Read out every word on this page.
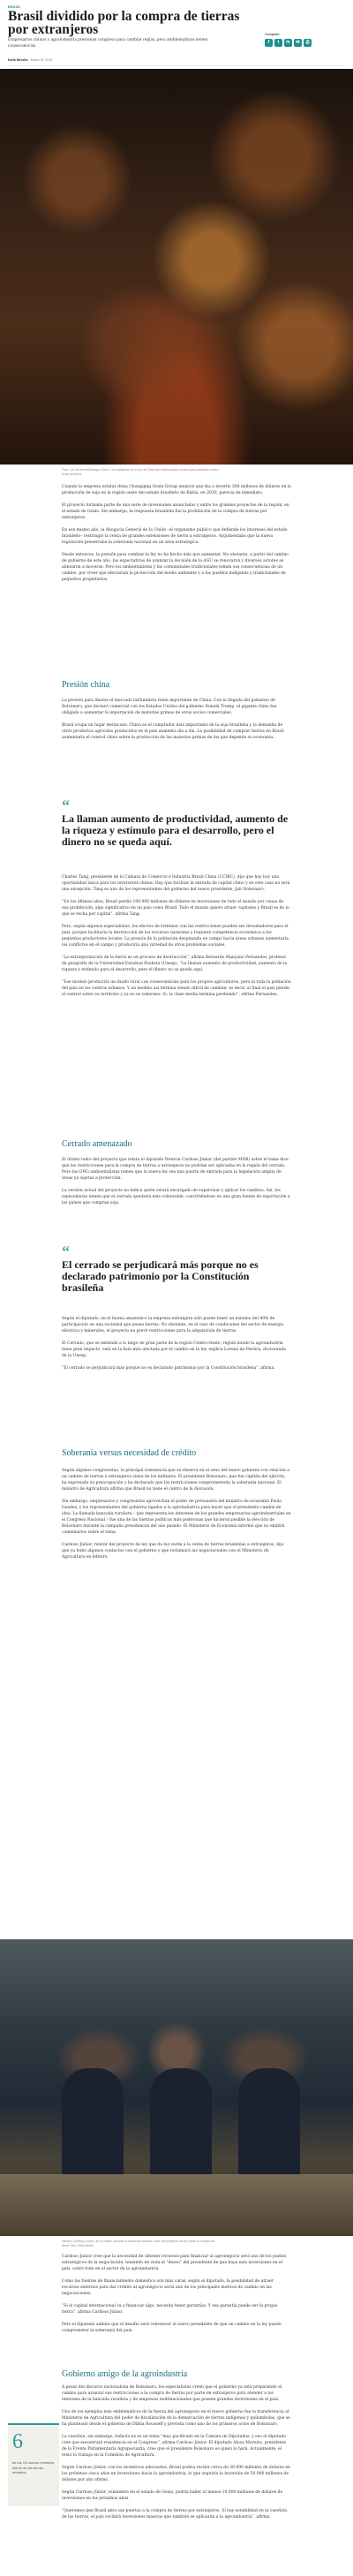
BRASIL
Brasil dividido por la compra de tierras por extranjeros

Empresarios chinos y agroindustria presionan congreso para cambiar reglas, pero ambientalistas temen consecuencias

Karla Mendes · Marzo 22, 2019
Compartir
f	t	in	✉	⎙

Foto: Leo Drumond/Diálogo Chino. Los indígenas en el sur de Pará han interrumpido el paso para protestar contra la ley de tierra

Cuando la empresa estatal china Chongqing Grain Group anunció que iba a invertir 300 millones de dólares en la producción de soja en la región oeste del estado brasileño de Bahía, en 2010, parecía de inmediato.

El proyecto formaba parte de una serie de inversiones anunciadas y entre los grandes proyectos de la región, en el estado de Goiás. Sin embargo, la respuesta brasileña fue la prohibición de la compra de tierras por extranjeros.

En ese mismo año, la Abogacía General de la Unión –el organismo público que defiende los intereses del estado brasileño– restringió la venta de grandes extensiones de tierra a extranjeros. Argumentaba que la nueva regulación preservaba la soberanía nacional en un área estratégica.

Desde entonces, la presión para cambiar la ley no ha hecho más que aumentar. No obstante, a partir del cambio de gobierno de este año, las expectativas de avanzar la decisión de la AGU se renovaron y diversos actores se alinearon a moverse. Pero los ambientalistas y las comunidades tradicionales temen sus consecuencias de un cambio, por creer que afectarían la protección del medio ambiente y a los pueblos indígenas y tradicionales de pequeños propietarios.

Presión china

La presión para liberar el mercado latifundista viene importante de China. Con la llegada del gobierno de Bolsonaro, que declaró comercial con los Estados Unidos del gobierno Donald Trump, el gigante chino fue obligado a aumentar la importación de materias primas de otros socios comerciales.

Brasil ocupa un lugar destacado. China es el comprador más importante de la soja brasileña y la demanda de otros productos agrícolas producidos en el país aumenta día a día. La posibilidad de comprar tierras en Brasil aumentaría el control chino sobre la producción de las materias primas de las que depende su economía.

“

La llaman aumento de productividad, aumento de la riqueza y estímulo para el desarrollo, pero el dinero no se queda aquí.

Charles Tang, presidente de la Cámara de Comercio e Industria Brasil China (CCIBC), dijo que hay hoy una oportunidad única para los inversores chinos. Hay que facilitar la entrada de capital chino y en este caso no será una excepción. Tang es uno de los representantes del gobierno del nuevo presidente, Jair Bolsonaro.

“En los últimos años, Brasil perdió 100.000 millones de dólares en inversiones de todo el mundo por causa de esa prohibición, algo significativo en un país como Brasil. Todo el mundo quiere atraer capitales y Brasil es de lo que se recha por capital”, afirma Tang.

Pero, según algunos especialistas, los efectos de terminar con las restricciones pueden ser devastadores para el país, porque facilitaría la destrucción de los recursos naturales y requiere competencia económica a los pequeños productores locales. La presión de la población desplazada en campo hacia áreas urbanas aumentaría los conflictos en el campo y produciría una variedad de otros problemas sociales.

“La extranjerización de la tierra es un proceso de destrucción”, afirma Bernardo Mançano Fernandes, profesor de geografía de la Universidad Estadual Paulista (Unesp). “La llaman aumento de productividad, aumento de la riqueza y estímulo para el desarrollo, pero el dinero no se queda aquí.

“Ese modelo produciría un éxodo rural con consecuencias para los propios agricultores, pero ni toda la población del país en los centros urbanos. Y un modelo así termina siendo difícil de cambiar, es decir, al final el país pierde el control sobre su territorio y ya no es soberano. Si, la clase media termina perdiendo”, afirma Fernandes.

Cerrado amenazado

El último texto del proyecto que relata el diputado Newton Cardoso Júnior (del partido MDB) sobre el tema dice que las restricciones para la compra de tierras a extranjeros no podrían ser aplicadas en la región del cerrado. Pero las ONG ambientalistas temen que la nueva ley sea una puerta de entrada para la legislación amplia de áreas ya sujetas a protección.

La versión actual del proyecto no indica quién estará encargado de supervisar y aplicar los cambios. Así, los especialistas temen que el cerrado quedaría más vulnerable, convirtiéndose en una gran fuente de exportación a los países que compran soja.

“

El cerrado se perjudicará más porque no es declarado patrimonio por la Constitución brasileña

Según el diputado, en el bioma amazónico la empresa extranjera sólo puede tener un máximo del 40% de participación en una sociedad que posea tierras. No obstante, en el caso de condiciones del sector de energía eléctrica y minerales, el proyecto no prevé restricciones para la adquisición de tierras.

El Cerrado, que se extiende a lo largo de gran parte de la región Centro-Oeste, región donde la agroindustria tiene gran impacto, está en la lista más afectada por el cambio en la ley, explica Lorena da Pereira, doctoranda de la Unesp.

“El cerrado se perjudicará más porque no es declarado patrimonio por la Constitución brasileña”, afirma.

Soberanía versus necesidad de crédito

Según algunos congresistas, la principal resistencia que se observa en el seno del nuevo gobierno con relación a un cambio de tierras a extranjeros viene de los militares. El presidente Bolsonaro, que fue capitán del ejército, ha expresado su preocupación y ha declarado que las restricciones comprometerán la soberanía nacional. El ministro de Agricultura afirma que Brasil no tiene el centro de la discusión.

Sin embargo, empresarios y congresistas aprovechan el poder de persuasión del ministro de economía Paulo Guedes, y los representantes del gobierno ligados a la agroindustria para hacer que el presidente cambie de idea. La llamada bancada ruralista – que representa los intereses de los grandes empresarios agroindustriales en el Congreso Nacional – fue una de las fuerzas políticas más poderosas que hicieron posible la elección de Bolsonaro durante la campaña presidencial del año pasado. El Ministerio de Economía informó que no emitirá comentarios sobre el tema.

Cardoso Júnior, relator del proyecto de ley que da luz verde a la venta de tierras brasileñas a extranjeros, dijo que ya hubo algunos contactos con el gobierno y que reclamará las negociaciones con el Ministerio de Agricultura en febrero.

Newton Cardoso Júnior, en el centro, durante la audiencia pública sobre del proyecto de ley sobre la compra de tierra Foto: Reila Maria

Cardoso Júnior cree que la necesidad de obtener recursos para financiar al agronegocio será uno de los puntos estratégicos de la negociación, teniendo en vista el “deseo” del presidente de que haya más inversiones en el país, sobre todo en el sector de la agroindustria.

Como las fuentes de financiamiento doméstico son más caras, según el diputado, la posibilidad de atraer recursos externos para dar crédito al agronegocio sería uno de los principales motivos de cambio en las negociaciones.

“Si el capital internacional va a financiar algo, necesita tener garantías. Y esa garantía puede ser la propia tierra”, afirma Cardoso Júnior.

Pero el diputado admite que el desafío será convencer al nuevo presidente de que un cambio en la ley puede comprometer la soberanía del país.

Gobierno amigo de la agroindustria

A pesar del discurso nacionalista de Bolsonaro, los especialistas creen que el gobierno ya está preparando el camino para avanzar sus restricciones a la compra de tierras por parte de extranjeros para atender a los intereses de la bancada ruralista y de empresas multinacionales que poseen grandes inversiones en el país.

Uno de los ejemplos más emblemáticos de la fuerza del agronegocio en el nuevo gobierno fue la transferencia al Ministerio de Agricultura del poder de fiscalización de la demarcación de tierras indígenas y quilombolas, que se ha planteado desde el gobierno de Dilma Rousseff y prevista como uno de los primeros actos de Bolsonaro.

La cuestión, sin embargo, todavía no es un tema “muy pacificado en la Cámara de Diputados, y eso el diputado cree que encontrará resistencia en el Congreso”, afirma Cardoso Júnior. El diputado Alceu Moreira, presidente de la Frente Parlamentaria Agropecuaria, cree que el presidente Bolsonaro es quien lo hará. Actualmente, el texto lo trabaja en la Comisión de Agricultura.

Según Cardoso Júnior, con los incentivos adecuados, Brasil podría recibir cerca de 30.000 millones de dólares en los próximos cinco años en inversiones hacia la agroindustria, lo que seguiría la inversión de 50.000 millones de dólares por año afirmó.

Según Cardoso Júnior, solamente en el estado de Goiás, podría haber al menos 10.000 millones de dólares de inversiones en los próximos años.

“Queremos que Brasil abra sus puertas a la compra de tierras por extranjeros. Si hay estabilidad en la cuestión de las tierras, el país recibirá inversiones masivas que también se aplicarán a la agroindustria”, afirma.

6

de los 15 nuevos ministros dieron de las tierras armadas
